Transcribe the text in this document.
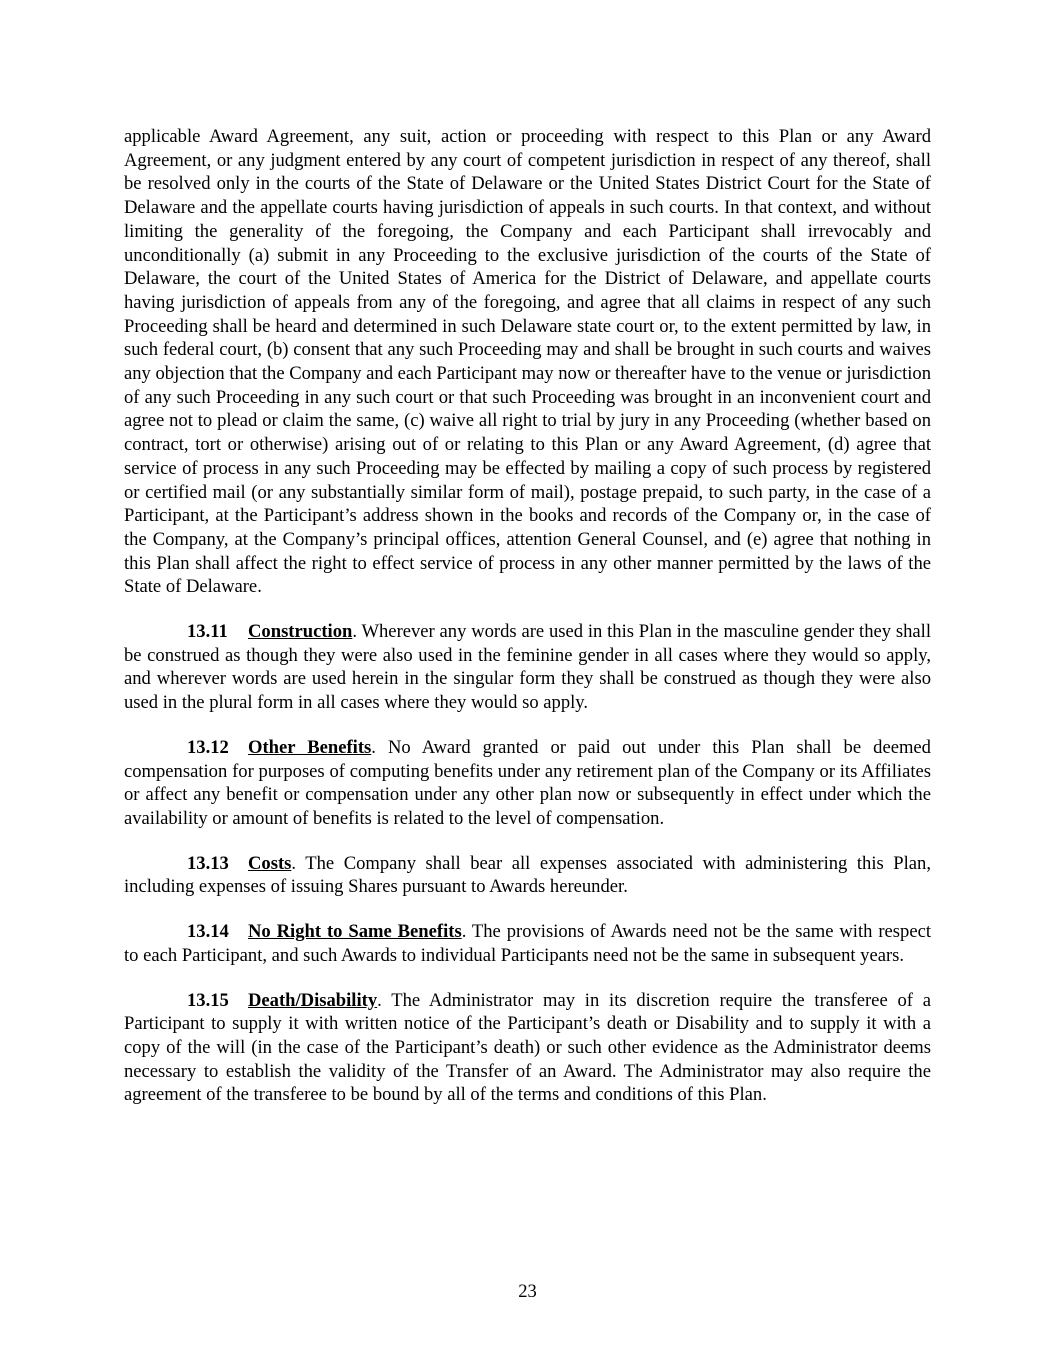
applicable Award Agreement, any suit, action or proceeding with respect to this Plan or any Award Agreement, or any judgment entered by any court of competent jurisdiction in respect of any thereof, shall be resolved only in the courts of the State of Delaware or the United States District Court for the State of Delaware and the appellate courts having jurisdiction of appeals in such courts. In that context, and without limiting the generality of the foregoing, the Company and each Participant shall irrevocably and unconditionally (a) submit in any Proceeding to the exclusive jurisdiction of the courts of the State of Delaware, the court of the United States of America for the District of Delaware, and appellate courts having jurisdiction of appeals from any of the foregoing, and agree that all claims in respect of any such Proceeding shall be heard and determined in such Delaware state court or, to the extent permitted by law, in such federal court, (b) consent that any such Proceeding may and shall be brought in such courts and waives any objection that the Company and each Participant may now or thereafter have to the venue or jurisdiction of any such Proceeding in any such court or that such Proceeding was brought in an inconvenient court and agree not to plead or claim the same, (c) waive all right to trial by jury in any Proceeding (whether based on contract, tort or otherwise) arising out of or relating to this Plan or any Award Agreement, (d) agree that service of process in any such Proceeding may be effected by mailing a copy of such process by registered or certified mail (or any substantially similar form of mail), postage prepaid, to such party, in the case of a Participant, at the Participant’s address shown in the books and records of the Company or, in the case of the Company, at the Company’s principal offices, attention General Counsel, and (e) agree that nothing in this Plan shall affect the right to effect service of process in any other manner permitted by the laws of the State of Delaware.

13.11 Construction. Wherever any words are used in this Plan in the masculine gender they shall be construed as though they were also used in the feminine gender in all cases where they would so apply, and wherever words are used herein in the singular form they shall be construed as though they were also used in the plural form in all cases where they would so apply.

13.12 Other Benefits. No Award granted or paid out under this Plan shall be deemed compensation for purposes of computing benefits under any retirement plan of the Company or its Affiliates or affect any benefit or compensation under any other plan now or subsequently in effect under which the availability or amount of benefits is related to the level of compensation.

13.13 Costs. The Company shall bear all expenses associated with administering this Plan, including expenses of issuing Shares pursuant to Awards hereunder.

13.14 No Right to Same Benefits. The provisions of Awards need not be the same with respect to each Participant, and such Awards to individual Participants need not be the same in subsequent years.

13.15 Death/Disability. The Administrator may in its discretion require the transferee of a Participant to supply it with written notice of the Participant’s death or Disability and to supply it with a copy of the will (in the case of the Participant’s death) or such other evidence as the Administrator deems necessary to establish the validity of the Transfer of an Award. The Administrator may also require the agreement of the transferee to be bound by all of the terms and conditions of this Plan.

23
